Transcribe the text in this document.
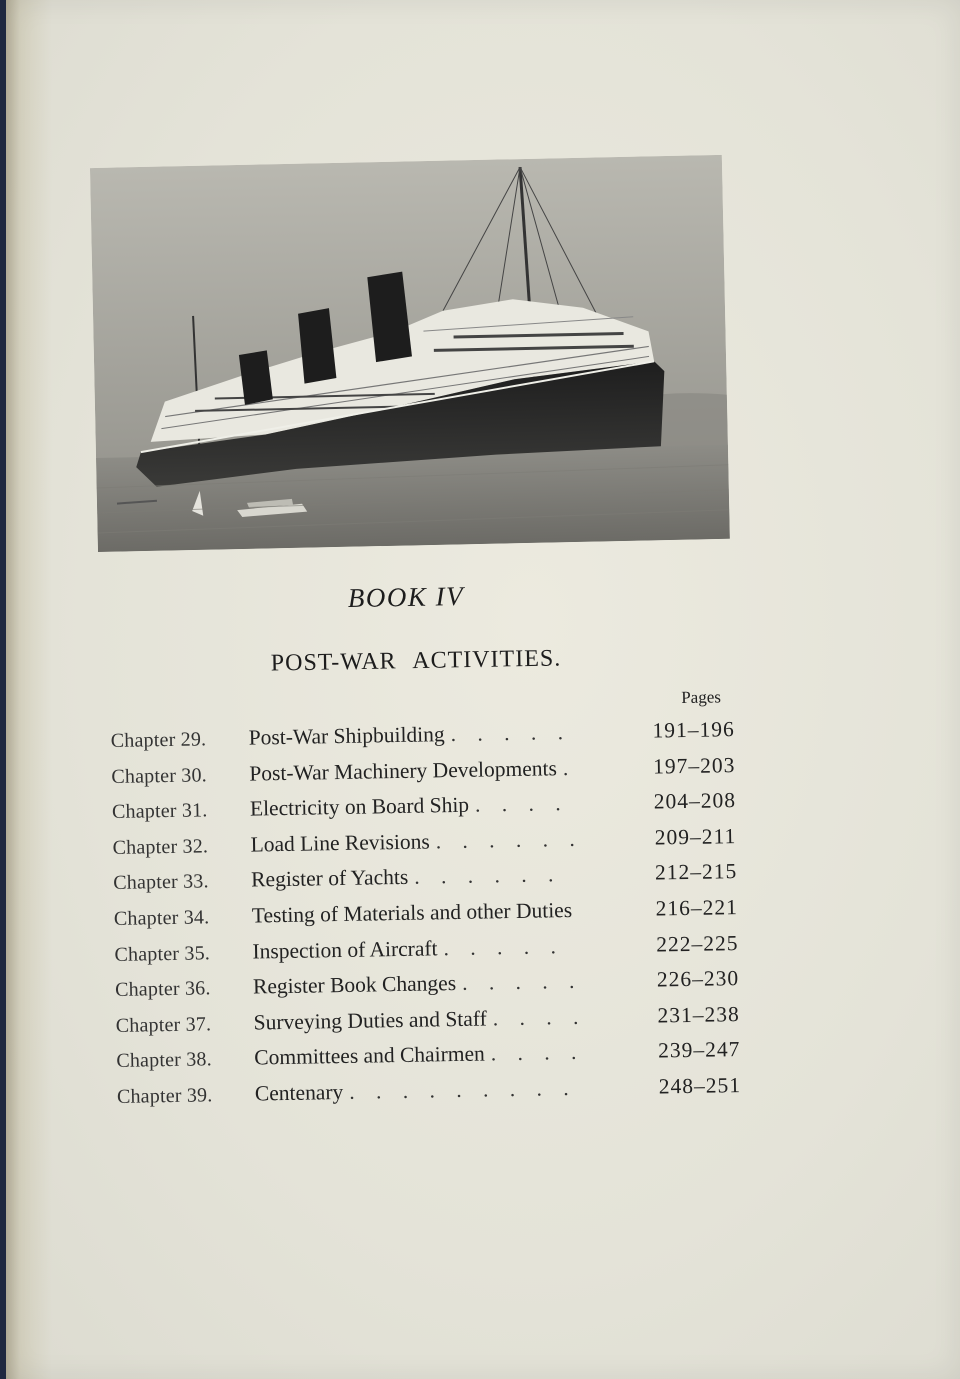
BOOK IV
POST-WAR ACTIVITIES.
Pages
Chapter 29.	Post-War Shipbuilding . . . . .	191–196
Chapter 30.	Post-War Machinery Developments .	197–203
Chapter 31.	Electricity on Board Ship . . . .	204–208
Chapter 32.	Load Line Revisions . . . . . .	209–211
Chapter 33.	Register of Yachts . . . . . .	212–215
Chapter 34.	Testing of Materials and other Duties	216–221
Chapter 35.	Inspection of Aircraft . . . . .	222–225
Chapter 36.	Register Book Changes . . . . .	226–230
Chapter 37.	Surveying Duties and Staff . . . .	231–238
Chapter 38.	Committees and Chairmen . . . .	239–247
Chapter 39.	Centenary . . . . . . . . .	248–251
